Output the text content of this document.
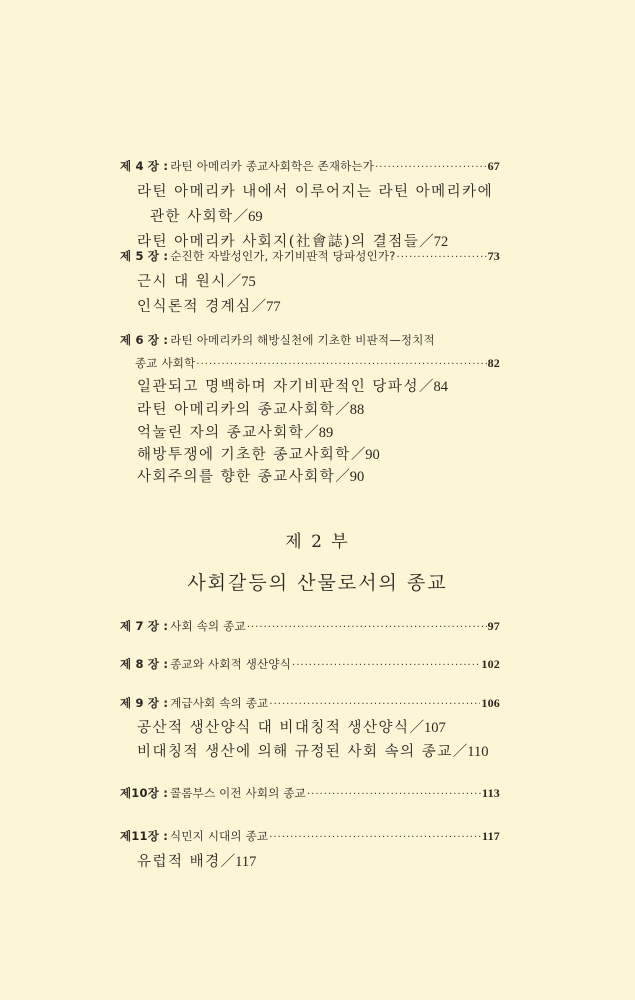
제 4 장 : 라틴 아메리카 종교사회학은 존재하는가 ·····	67
라틴 아메리카 내에서 이루어지는 라틴 아메리카에
관한 사회학／69
라틴 아메리카 사회지(社會誌)의 결점들／72
제 5 장 : 순진한 자발성인가, 자기비판적 당파성인가? ·····	73
근시 대 원시／75
인식론적 경계심／77
제 6 장 : 라틴 아메리카의 해방실천에 기초한 비판적—정치적
종교 사회학 ·····	82
일관되고 명백하며 자기비판적인 당파성／84
라틴 아메리카의 종교사회학／88
억눌린 자의 종교사회학／89
해방투쟁에 기초한 종교사회학／90
사회주의를 향한 종교사회학／90
제 2 부
사회갈등의 산물로서의 종교
제 7 장 : 사회 속의 종교 ·····	97
제 8 장 : 종교와 사회적 생산양식 ·····	102
제 9 장 : 계급사회 속의 종교 ·····	106
공산적 생산양식 대 비대칭적 생산양식／107
비대칭적 생산에 의해 규정된 사회 속의 종교／110
제10장 : 콜롬부스 이전 사회의 종교 ·····	113
제11장 : 식민지 시대의 종교 ·····	117
유럽적 배경／117
